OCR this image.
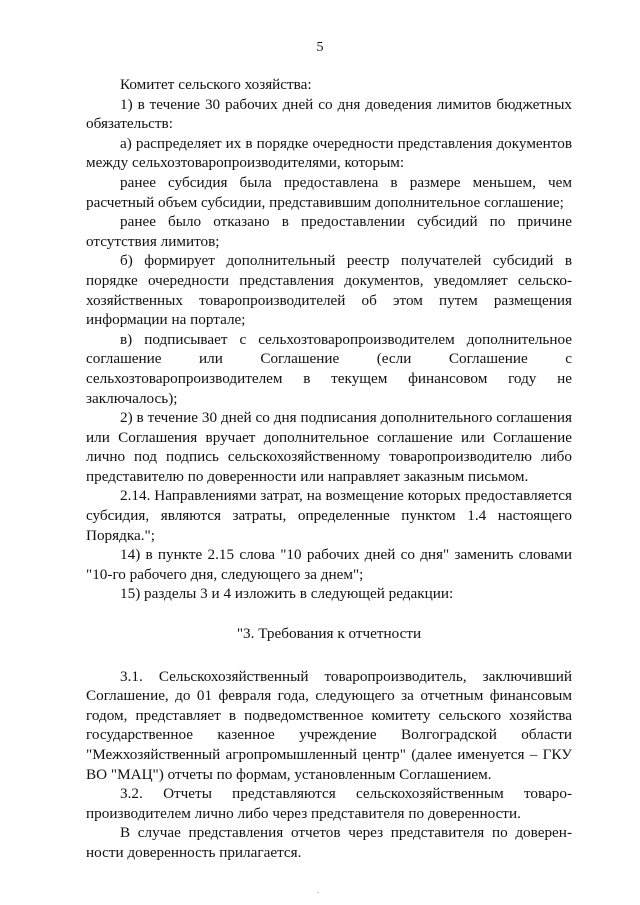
5

Комитет сельского хозяйства:

1) в течение 30 рабочих дней со дня доведения лимитов бюджетных обязательств:

а) распределяет их в порядке очередности представления документов между сельхозтоваропроизводителями, которым:

ранее субсидия была предоставлена в размере меньшем, чем расчетный объем субсидии, представившим дополнительное соглашение;

ранее было отказано в предоставлении субсидий по причине отсутствия лимитов;

б) формирует дополнительный реестр получателей субсидий в порядке очередности представления документов, уведомляет сельскохозяйственных товаропроизводителей об этом путем размещения информации на портале;

в) подписывает с сельхозтоваропроизводителем дополнительное соглашение или Соглашение (если Соглашение с сельхозтоваропроизводителем в текущем финансовом году не заключалось);

2) в течение 30 дней со дня подписания дополнительного соглашения или Соглашения вручает дополнительное соглашение или Соглашение лично под подпись сельскохозяйственному товаропроизводителю либо представителю по доверенности или направляет заказным письмом.

2.14. Направлениями затрат, на возмещение которых предоставляется субсидия, являются затраты, определенные пунктом 1.4 настоящего Порядка.";

14) в пункте 2.15 слова "10 рабочих дней со дня" заменить словами "10-го рабочего дня, следующего за днем";

15) разделы 3 и 4 изложить в следующей редакции:

"3. Требования к отчетности

3.1. Сельскохозяйственный товаропроизводитель, заключивший Соглашение, до 01 февраля года, следующего за отчетным финансовым годом, представляет в подведомственное комитету сельского хозяйства государственное казенное учреждение Волгоградской области "Межхозяйственный агропромышленный центр" (далее именуется – ГКУ ВО "МАЦ") отчеты по формам, установленным Соглашением.

3.2. Отчеты представляются сельскохозяйственным товаропроизводителем лично либо через представителя по доверенности.

В случае представления отчетов через представителя по доверенности доверенность прилагается.

.
